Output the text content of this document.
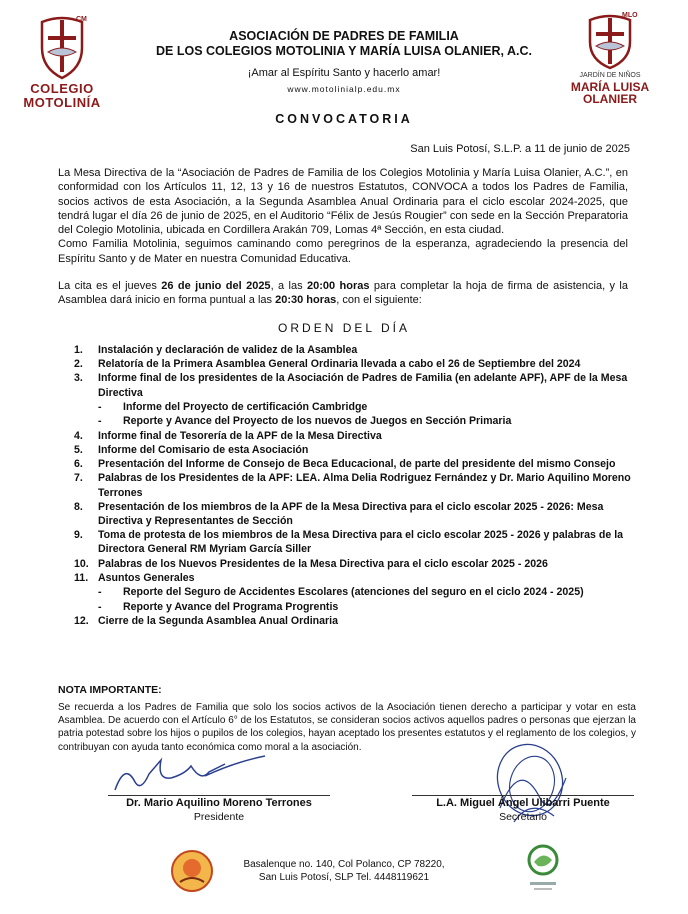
CM
COLEGIO
MOTOLINÍA
MLO
JARDÍN DE NIÑOS
MARÍA LUISA
OLANIER
ASOCIACIÓN DE PADRES DE FAMILIA
DE LOS COLEGIOS MOTOLINIA Y MARÍA LUISA OLANIER, A.C.
¡Amar al Espíritu Santo y hacerlo amar!
www.motolinialp.edu.mx
CONVOCATORIA
San Luis Potosí, S.L.P. a 11 de junio de 2025

La Mesa Directiva de la “Asociación de Padres de Familia de los Colegios Motolinia y María Luisa Olanier, A.C.”, en conformidad con los Artículos 11, 12, 13 y 16 de nuestros Estatutos, CONVOCA a todos los Padres de Familia, socios activos de esta Asociación, a la Segunda Asamblea Anual Ordinaria para el ciclo escolar 2024-2025, que tendrá lugar el día 26 de junio de 2025, en el Auditorio “Félix de Jesús Rougier” con sede en la Sección Preparatoria del Colegio Motolinia, ubicada en Cordillera Arakán 709, Lomas 4ª Sección, en esta ciudad.

Como Familia Motolinia, seguimos caminando como peregrinos de la esperanza, agradeciendo la presencia del Espíritu Santo y de Mater en nuestra Comunidad Educativa.

La cita es el jueves 26 de junio del 2025, a las 20:00 horas para completar la hoja de firma de asistencia, y la Asamblea dará inicio en forma puntual a las 20:30 horas, con el siguiente:
ORDEN DEL DÍA
1. Instalación y declaración de validez de la Asamblea
2. Relatoría de la Primera Asamblea General Ordinaria llevada a cabo el 26 de Septiembre del 2024
3. Informe final de los presidentes de la Asociación de Padres de Familia (en adelante APF), APF de la Mesa Directiva
- Informe del Proyecto de certificación Cambridge
- Reporte y Avance del Proyecto de los nuevos de Juegos en Sección Primaria
4. Informe final de Tesorería de la APF de la Mesa Directiva
5. Informe del Comisario de esta Asociación
6. Presentación del Informe de Consejo de Beca Educacional, de parte del presidente del mismo Consejo
7. Palabras de los Presidentes de la APF: LEA. Alma Delia Rodriguez Fernández y Dr. Mario Aquilino Moreno Terrones
8. Presentación de los miembros de la APF de la Mesa Directiva para el ciclo escolar 2025 - 2026: Mesa Directiva y Representantes de Sección
9. Toma de protesta de los miembros de la Mesa Directiva para el ciclo escolar 2025 - 2026 y palabras de la Directora General RM Myriam García Siller
10. Palabras de los Nuevos Presidentes de la Mesa Directiva para el ciclo escolar 2025 - 2026
11. Asuntos Generales
- Reporte del Seguro de Accidentes Escolares (atenciones del seguro en el ciclo 2024 - 2025)
- Reporte y Avance del Programa Progrentis
12. Cierre de la Segunda Asamblea Anual Ordinaria
NOTA IMPORTANTE:
Se recuerda a los Padres de Familia que solo los socios activos de la Asociación tienen derecho a participar y votar en esta Asamblea. De acuerdo con el Artículo 6° de los Estatutos, se consideran socios activos aquellos padres o personas que ejerzan la patria potestad sobre los hijos o pupilos de los colegios, hayan aceptado los presentes estatutos y el reglamento de los colegios, y contribuyan con ayuda tanto económica como moral a la asociación.
Dr. Mario Aquilino Moreno Terrones
Presidente
L.A. Miguel Ángel Ulibarri Puente
Secretario
Basalenque no. 140, Col Polanco, CP 78220,
San Luis Potosí, SLP Tel. 4448119621
